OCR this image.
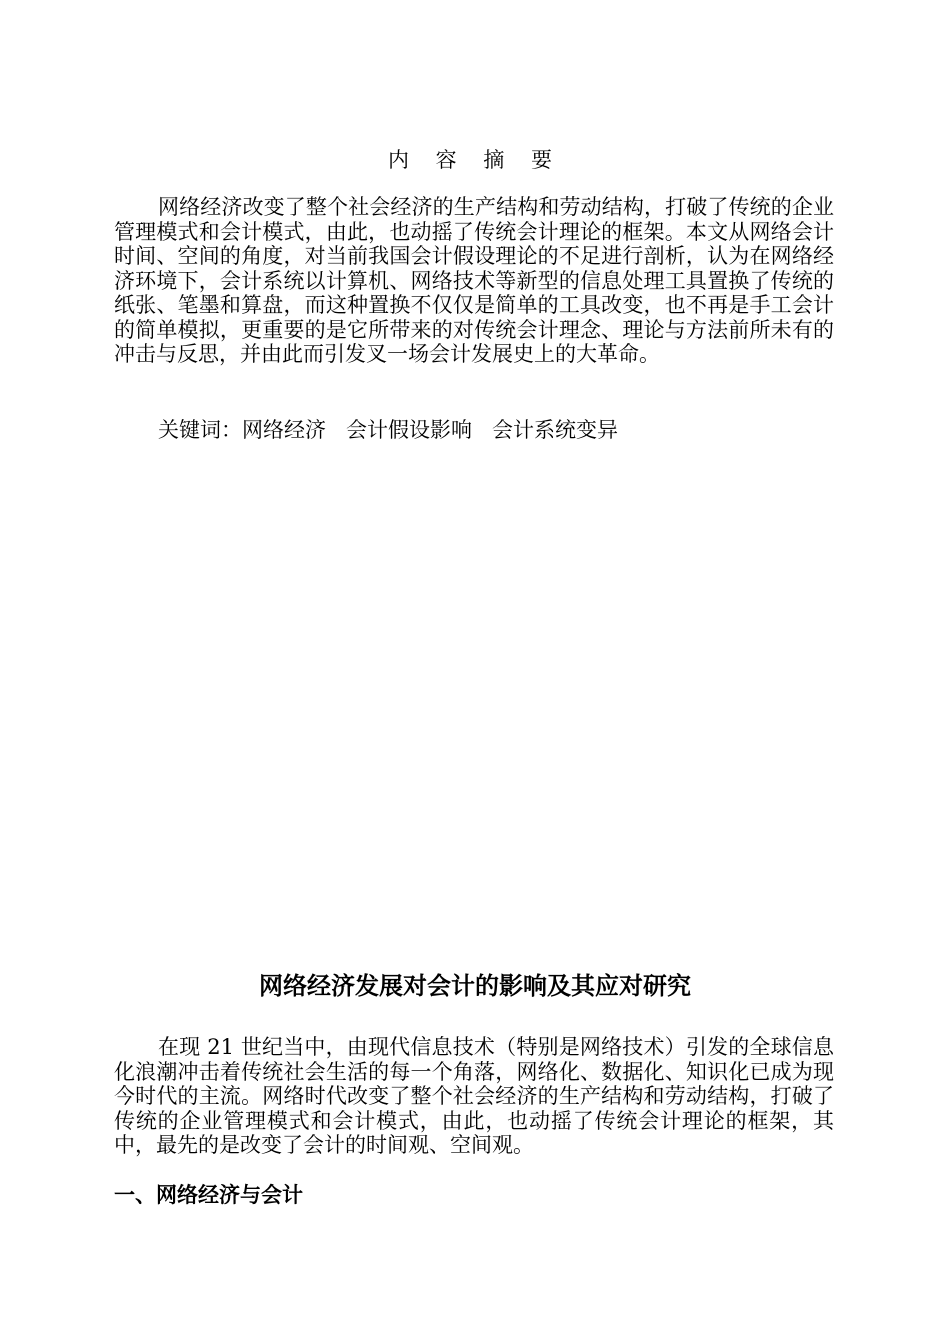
内 容 摘 要

网络经济改变了整个社会经济的生产结构和劳动结构，打破了传统的企业管理模式和会计模式，由此，也动摇了传统会计理论的框架。本文从网络会计时间、空间的角度，对当前我国会计假设理论的不足进行剖析，认为在网络经济环境下，会计系统以计算机、网络技术等新型的信息处理工具置换了传统的纸张、笔墨和算盘，而这种置换不仅仅是简单的工具改变，也不再是手工会计的简单模拟，更重要的是它所带来的对传统会计理念、理论与方法前所未有的冲击与反思，并由此而引发叉一场会计发展史上的大革命。

关键词：网络经济   会计假设影响   会计系统变异

网络经济发展对会计的影响及其应对研究

在现 21 世纪当中，由现代信息技术（特别是网络技术）引发的全球信息化浪潮冲击着传统社会生活的每一个角落，网络化、数据化、知识化已成为现今时代的主流。网络时代改变了整个社会经济的生产结构和劳动结构，打破了传统的企业管理模式和会计模式，由此，也动摇了传统会计理论的框架，其中，最先的是改变了会计的时间观、空间观。

一、网络经济与会计
